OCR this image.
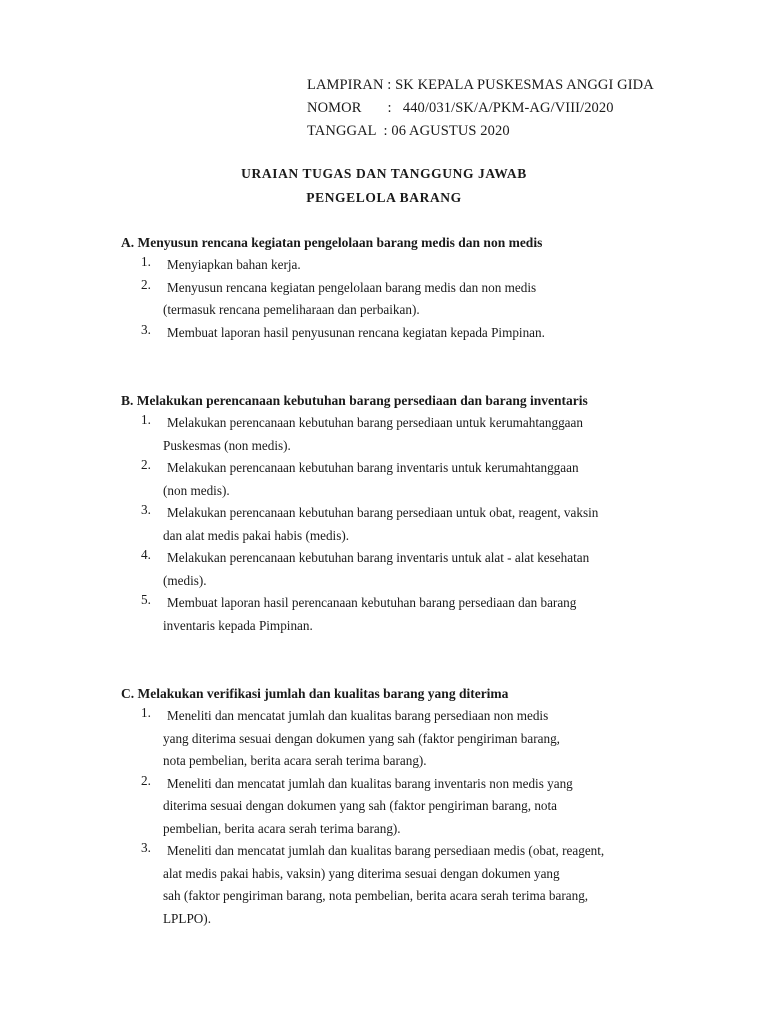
LAMPIRAN : SK KEPALA PUSKESMAS ANGGI GIDA
NOMOR       :   440/031/SK/A/PKM-AG/VIII/2020
TANGGAL  : 06 AGUSTUS 2020
URAIAN TUGAS DAN TANGGUNG JAWAB
PENGELOLA BARANG
A. Menyusun rencana kegiatan pengelolaan barang medis dan non medis
1.	Menyiapkan bahan kerja.
2.	Menyusun rencana kegiatan pengelolaan barang medis dan non medis
(termasuk rencana pemeliharaan dan perbaikan).
3.	Membuat laporan hasil penyusunan rencana kegiatan kepada Pimpinan.
B. Melakukan perencanaan kebutuhan barang persediaan dan barang inventaris
1.	Melakukan perencanaan kebutuhan barang persediaan untuk kerumahtanggaan
Puskesmas (non medis).
2.	Melakukan perencanaan kebutuhan barang inventaris untuk kerumahtanggaan
(non medis).
3.	Melakukan perencanaan kebutuhan barang persediaan untuk obat, reagent, vaksin
dan alat medis pakai habis (medis).
4.	Melakukan perencanaan kebutuhan barang inventaris untuk alat - alat kesehatan
(medis).
5.	Membuat laporan hasil perencanaan kebutuhan barang persediaan dan barang
inventaris kepada Pimpinan.
C. Melakukan verifikasi jumlah dan kualitas barang yang diterima
1.	Meneliti dan mencatat jumlah dan kualitas barang persediaan non medis
yang diterima sesuai dengan dokumen yang sah (faktor pengiriman barang,
nota pembelian, berita acara serah terima barang).
2.	Meneliti dan mencatat jumlah dan kualitas barang inventaris non medis yang
diterima sesuai dengan dokumen yang sah (faktor pengiriman barang, nota
pembelian, berita acara serah terima barang).
3.	Meneliti dan mencatat jumlah dan kualitas barang persediaan medis (obat, reagent,
alat medis pakai habis, vaksin) yang diterima sesuai dengan dokumen yang
sah (faktor pengiriman barang, nota pembelian, berita acara serah terima barang,
LPLPO).
